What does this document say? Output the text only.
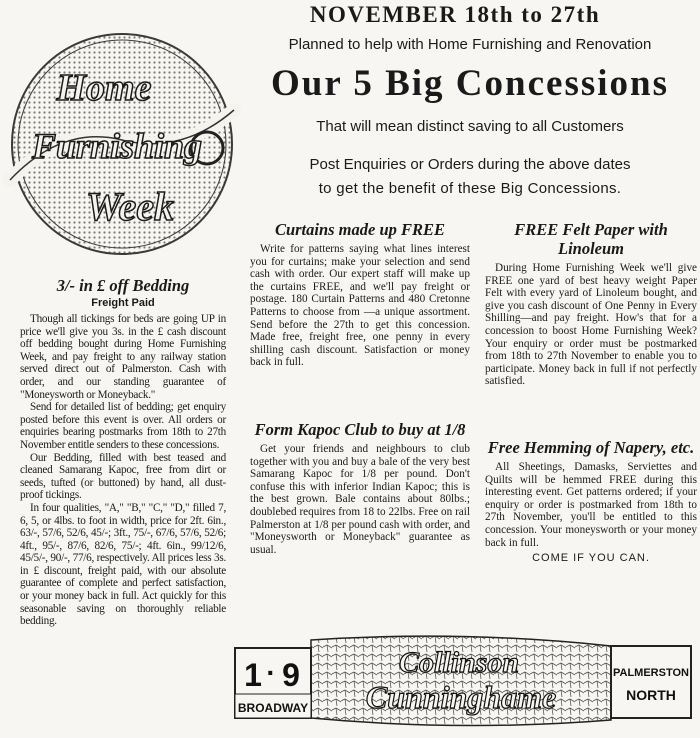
NOVEMBER 18th to 27th
Planned to help with Home Furnishing and Renovation
Our 5 Big Concessions
That will mean distinct saving to all Customers
Post Enquiries or Orders during the above dates
to get the benefit of these Big Concessions.
Home
Furnishing
Week
3/- in £ off Bedding
Freight Paid

Though all tickings for beds are going UP in price we'll give you 3s. in the £ cash discount off bedding bought during Home Furnishing Week, and pay freight to any railway station served direct out of Palmerston. Cash with order, and our standing guarantee of "Moneysworth or Moneyback."

Send for detailed list of bedding; get enquiry posted before this event is over. All orders or enquiries bearing postmarks from 18th to 27th November entitle senders to these concessions.

Our Bedding, filled with best teased and cleaned Samarang Kapoc, free from dirt or seeds, tufted (or buttoned) by hand, all dust-proof tickings.

In four qualities, "A," "B," "C," "D," filled 7, 6, 5, or 4lbs. to foot in width, price for 2ft. 6in., 63/-, 57/6, 52/6, 45/-; 3ft., 75/-, 67/6, 57/6, 52/6; 4ft., 95/-, 87/6, 82/6, 75/-; 4ft. 6in., 99/12/6, 45/5/-, 90/-, 77/6, respectively. All prices less 3s. in £ discount, freight paid, with our absolute guarantee of complete and perfect satisfaction, or your money back in full. Act quickly for this seasonable saving on thoroughly reliable bedding.

Curtains made up FREE

Write for patterns saying what lines interest you for curtains; make your selection and send cash with order. Our expert staff will make up the curtains FREE, and we'll pay freight or postage. 180 Curtain Patterns and 480 Cretonne Patterns to choose from —a unique assortment. Send before the 27th to get this concession. Made free, freight free, one penny in every shilling cash discount. Satisfaction or money back in full.

Form Kapoc Club to buy at 1/8

Get your friends and neighbours to club together with you and buy a bale of the very best Samarang Kapoc for 1/8 per pound. Don't confuse this with inferior Indian Kapoc; this is the best grown. Bale contains about 80lbs.; doublebed requires from 18 to 22lbs. Free on rail Palmerston at 1/8 per pound cash with order, and "Moneysworth or Moneyback" guarantee as usual.

FREE Felt Paper with Linoleum

During Home Furnishing Week we'll give FREE one yard of best heavy weight Paper Felt with every yard of Linoleum bought, and give you cash discount of One Penny in Every Shilling—and pay freight. How's that for a concession to boost Home Furnishing Week? Your enquiry or order must be postmarked from 18th to 27th November to enable you to participate. Money back in full if not perfectly satisfied.

Free Hemming of Napery, etc.

All Sheetings, Damasks, Serviettes and Quilts will be hemmed FREE during this interesting event. Get patterns ordered; if your enquiry or order is postmarked from 18th to 27th November, you'll be entitled to this concession. Your moneysworth or your money back in full.

COME IF YOU CAN.
1 · 9
BROADWAY
Collinson
Cunninghame
PALMERSTON
NORTH
